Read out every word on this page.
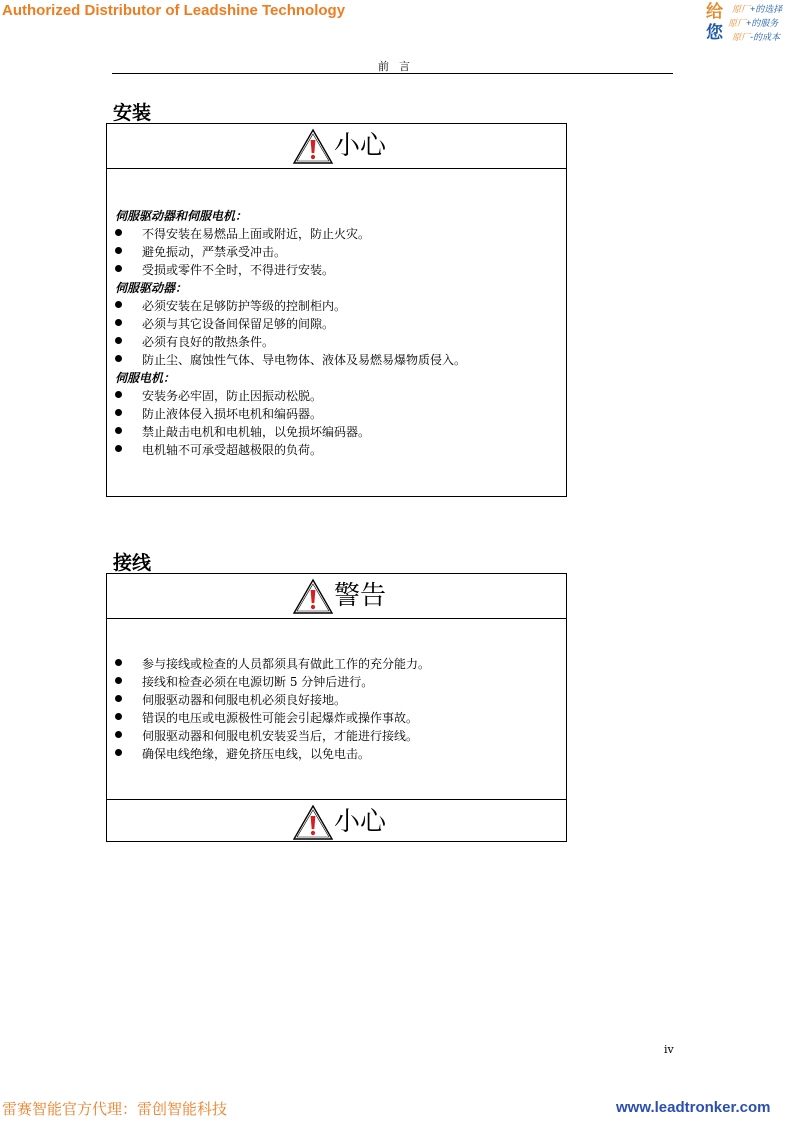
Authorized Distributor of Leadshine Technology	给
您
原厂+的选择
原厂+的服务
原厂-的成本
前言
安装
小心
伺服驱动器和伺服电机：
不得安装在易燃品上面或附近，防止火灾。
避免振动，严禁承受冲击。
受损或零件不全时，不得进行安装。
伺服驱动器：
必须安装在足够防护等级的控制柜内。
必须与其它设备间保留足够的间隙。
必须有良好的散热条件。
防止尘、腐蚀性气体、导电物体、液体及易燃易爆物质侵入。
伺服电机：
安装务必牢固，防止因振动松脱。
防止液体侵入损坏电机和编码器。
禁止敲击电机和电机轴，以免损坏编码器。
电机轴不可承受超越极限的负荷。
接线
警告
参与接线或检查的人员都须具有做此工作的充分能力。
接线和检查必须在电源切断 5 分钟后进行。
伺服驱动器和伺服电机必须良好接地。
错误的电压或电源极性可能会引起爆炸或操作事故。
伺服驱动器和伺服电机安装妥当后，才能进行接线。
确保电线绝缘，避免挤压电线，以免电击。
小心
iv
雷赛智能官方代理：雷创智能科技	www.leadtronker.com
